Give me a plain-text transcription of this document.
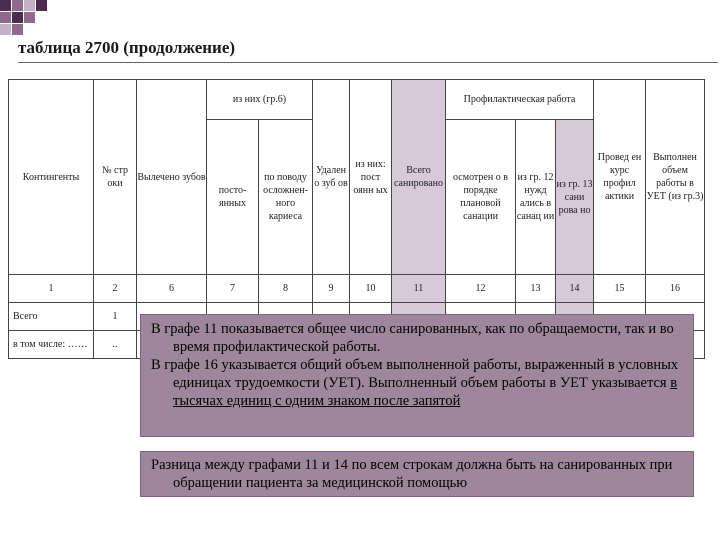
таблица 2700 (продолжение)
Контингенты	№ стр оки	Вылечено зубов	из них (гр.6)		Удален о зуб ов	из них: пост оянн ых	Всего санировано	Профилактическая работа			Провед ен курс профил актики	Выполнен объем работы в УЕТ (из гр.3)
			постоянных	по поводу осложненного кариеса				осмотрен о в порядке плановой санации	из гр. 12 нужд ались в санац ии	из гр. 13 сани рова но		
1	2	6	7	8	9	10	11	12	13	14	15	16
Всего	1											
в том числе: ……	..											

В графе 11 показывается общее число санированных, как по обращаемости, так и во время профилактической работы.

В графе 16 указывается общий объем выполненной работы, выраженный в условных единицах трудоемкости (УЕТ). Выполненный объем работы в УЕТ указывается в тысячах единиц с одним знаком после запятой

Разница между графами 11 и 14 по всем строкам должна быть на санированных при обращении пациента за медицинской помощью
